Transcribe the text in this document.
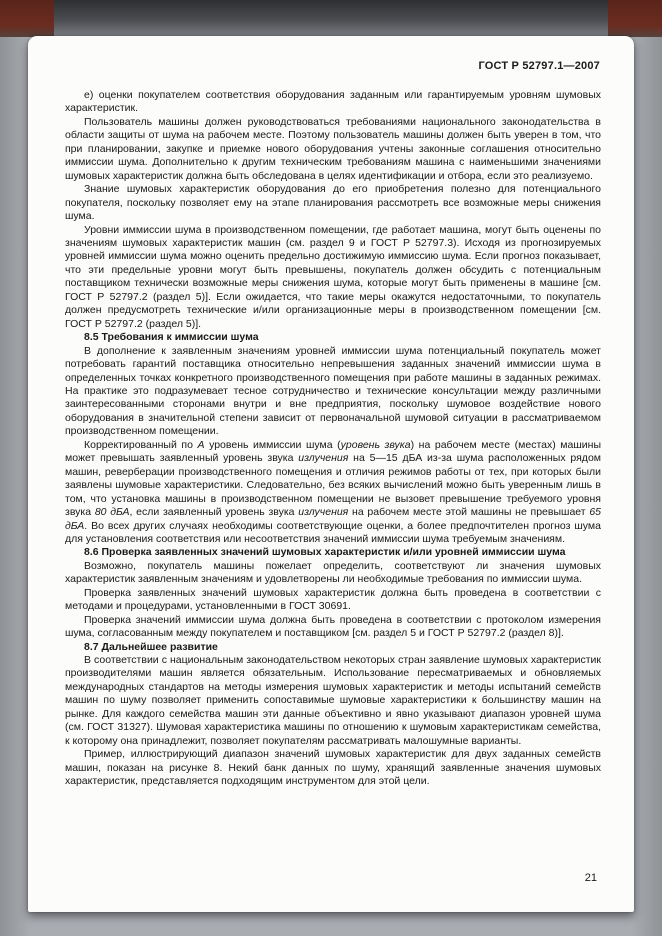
ГОСТ Р 52797.1—2007

е) оценки покупателем соответствия оборудования заданным или гарантируемым уровням шумовых характеристик.

Пользователь машины должен руководствоваться требованиями национального законодательства в области защиты от шума на рабочем месте. Поэтому пользователь машины должен быть уверен в том, что при планировании, закупке и приемке нового оборудования учтены законные соглашения относительно иммиссии шума. Дополнительно к другим техническим требованиям машина с наименьшими значениями шумовых характеристик должна быть обследована в целях идентификации и отбора, если это реализуемо.

Знание шумовых характеристик оборудования до его приобретения полезно для потенциального покупателя, поскольку позволяет ему на этапе планирования рассмотреть все возможные меры снижения шума.

Уровни иммиссии шума в производственном помещении, где работает машина, могут быть оценены по значениям шумовых характеристик машин (см. раздел 9 и ГОСТ Р 52797.3). Исходя из прогнозируемых уровней иммиссии шума можно оценить предельно достижимую иммиссию шума. Если прогноз показывает, что эти предельные уровни могут быть превышены, покупатель должен обсудить с потенциальным поставщиком технически возможные меры снижения шума, которые могут быть применены в машине [см. ГОСТ Р 52797.2 (раздел 5)]. Если ожидается, что такие меры окажутся недостаточными, то покупатель должен предусмотреть технические и/или организационные меры в производственном помещении [см. ГОСТ Р 52797.2 (раздел 5)].

8.5 Требования к иммиссии шума

В дополнение к заявленным значениям уровней иммиссии шума потенциальный покупатель может потребовать гарантий поставщика относительно непревышения заданных значений иммиссии шума в определенных точках конкретного производственного помещения при работе машины в заданных режимах. На практике это подразумевает тесное сотрудничество и технические консультации между различными заинтересованными сторонами внутри и вне предприятия, поскольку шумовое воздействие нового оборудования в значительной степени зависит от первоначальной шумовой ситуации в рассматриваемом производственном помещении.

Корректированный по А уровень иммиссии шума (уровень звука) на рабочем месте (местах) машины может превышать заявленный уровень звука излучения на 5—15 дБА из-за шума расположенных рядом машин, реверберации производственного помещения и отличия режимов работы от тех, при которых были заявлены шумовые характеристики. Следовательно, без всяких вычислений можно быть уверенным лишь в том, что установка машины в производственном помещении не вызовет превышение требуемого уровня звука 80 дБА, если заявленный уровень звука излучения на рабочем месте этой машины не превышает 65 дБА. Во всех других случаях необходимы соответствующие оценки, а более предпочтителен прогноз шума для установления соответствия или несоответствия значений иммиссии шума требуемым значениям.

8.6 Проверка заявленных значений шумовых характеристик и/или уровней иммиссии шума

Возможно, покупатель машины пожелает определить, соответствуют ли значения шумовых характеристик заявленным значениям и удовлетворены ли необходимые требования по иммиссии шума.

Проверка заявленных значений шумовых характеристик должна быть проведена в соответствии с методами и процедурами, установленными в ГОСТ 30691.

Проверка значений иммиссии шума должна быть проведена в соответствии с протоколом измерения шума, согласованным между покупателем и поставщиком [см. раздел 5 и ГОСТ Р 52797.2 (раздел 8)].

8.7 Дальнейшее развитие

В соответствии с национальным законодательством некоторых стран заявление шумовых характеристик производителями машин является обязательным. Использование пересматриваемых и обновляемых международных стандартов на методы измерения шумовых характеристик и методы испытаний семейств машин по шуму позволяет применить сопоставимые шумовые характеристики к большинству машин на рынке. Для каждого семейства машин эти данные объективно и явно указывают диапазон уровней шума (см. ГОСТ 31327). Шумовая характеристика машины по отношению к шумовым характеристикам семейства, к которому она принадлежит, позволяет покупателям рассматривать малошумные варианты.

Пример, иллюстрирующий диапазон значений шумовых характеристик для двух заданных семейств машин, показан на рисунке 8. Некий банк данных по шуму, хранящий заявленные значения шумовых характеристик, представляется подходящим инструментом для этой цели.

21
